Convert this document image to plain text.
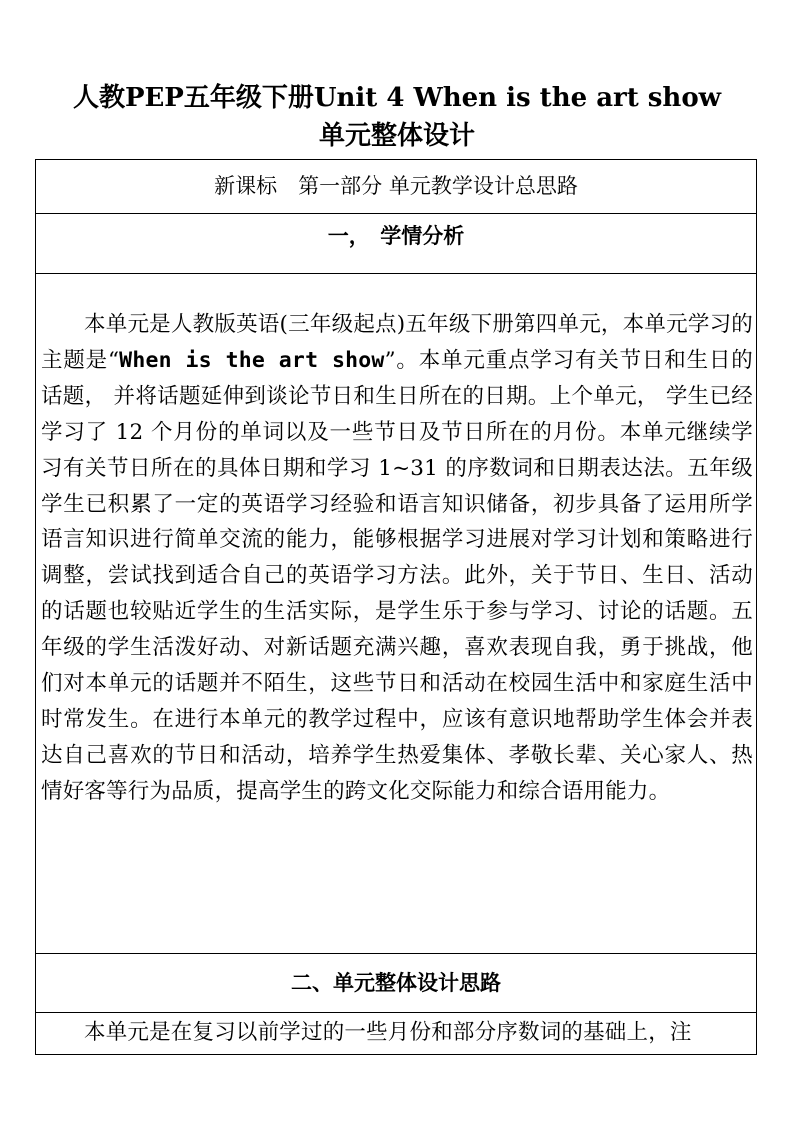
人教PEP五年级下册Unit 4 When is the art show
单元整体设计
新课标　第一部分 单元教学设计总思路
一，　学情分析
本单元是人教版英语(三年级起点)五年级下册第四单元，本单元学习的主题是“When is the art show”。本单元重点学习有关节日和生日的话题， 并将话题延伸到谈论节日和生日所在的日期。上个单元， 学生已经学习了 12 个月份的单词以及一些节日及节日所在的月份。本单元继续学习有关节日所在的具体日期和学习 1~31 的序数词和日期表达法。五年级学生已积累了一定的英语学习经验和语言知识储备，初步具备了运用所学语言知识进行简单交流的能力，能够根据学习进展对学习计划和策略进行调整，尝试找到适合自己的英语学习方法。此外，关于节日、生日、活动的话题也较贴近学生的生活实际，是学生乐于参与学习、讨论的话题。五年级的学生活泼好动、对新话题充满兴趣，喜欢表现自我，勇于挑战，他们对本单元的话题并不陌生，这些节日和活动在校园生活中和家庭生活中时常发生。在进行本单元的教学过程中，应该有意识地帮助学生体会并表达自己喜欢的节日和活动，培养学生热爱集体、孝敬长辈、关心家人、热情好客等行为品质，提高学生的跨文化交际能力和综合语用能力。
二、单元整体设计思路
本单元是在复习以前学过的一些月份和部分序数词的基础上，注
